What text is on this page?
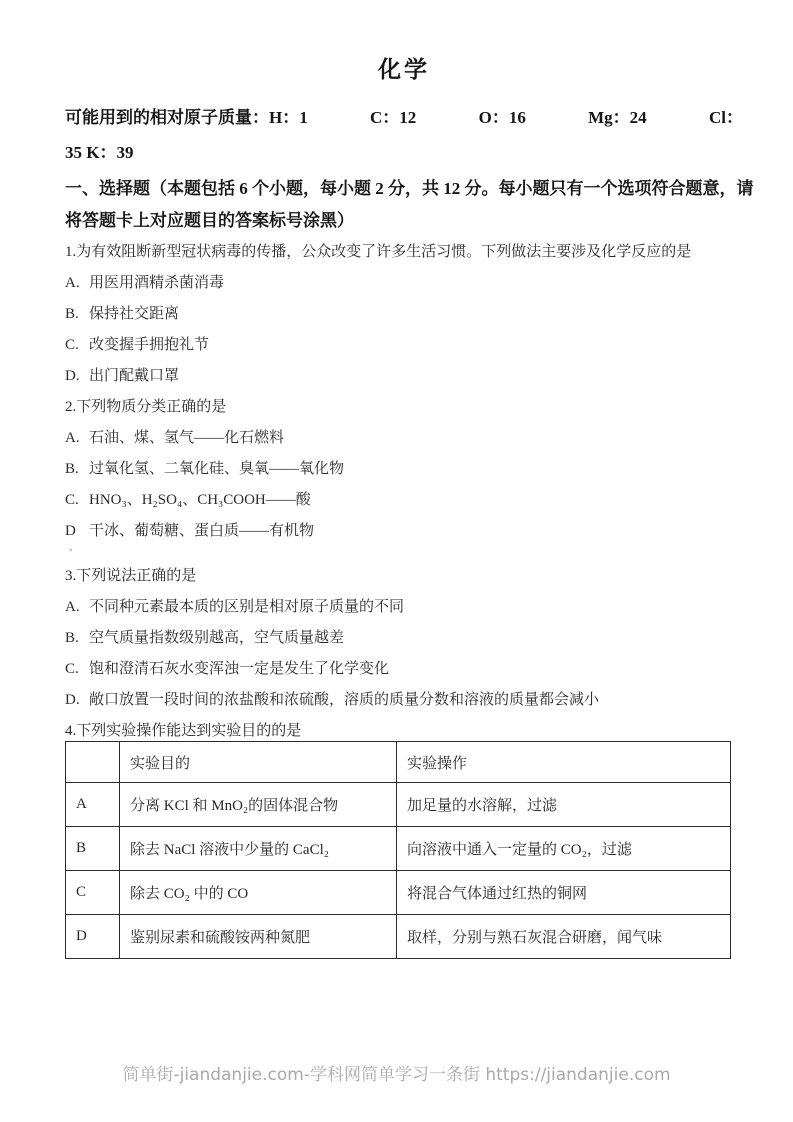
化学
可能用到的相对原子质量：H：1	C：12	O：16	Mg：24	Cl：
35 K：39
一、选择题（本题包括 6 个小题，每小题 2 分，共 12 分。每小题只有一个选项符合题意，请
将答题卡上对应题目的答案标号涂黑）
1.为有效阻断新型冠状病毒的传播，公众改变了许多生活习惯。下列做法主要涉及化学反应的是
A. 用医用酒精杀菌消毒
B. 保持社交距离
C. 改变握手拥抱礼节
D. 出门配戴口罩
2.下列物质分类正确的是
A. 石油、煤、氢气——化石燃料
B. 过氧化氢、二氧化硅、臭氧——氧化物
C. HNO₃、H₂SO₄、CH₃COOH——酸
D 干冰、葡萄糖、蛋白质——有机物
'
3.下列说法正确的是
A. 不同种元素最本质的区别是相对原子质量的不同
B. 空气质量指数级别越高，空气质量越差
C. 饱和澄清石灰水变浑浊一定是发生了化学变化
D. 敞口放置一段时间的浓盐酸和浓硫酸，溶质的质量分数和溶液的质量都会减小
4.下列实验操作能达到实验目的的是
	实验目的	实验操作
A	分离 KCl 和 MnO₂的固体混合物	加足量的水溶解，过滤
B	除去 NaCl 溶液中少量的 CaCl₂	向溶液中通入一定量的 CO₂，过滤
C	除去 CO₂ 中的 CO	将混合气体通过红热的铜网
D	鉴别尿素和硫酸铵两种氮肥	取样，分别与熟石灰混合研磨，闻气味
简单街-jiandanjie.com-学科网简单学习一条街 https://jiandanjie.com
